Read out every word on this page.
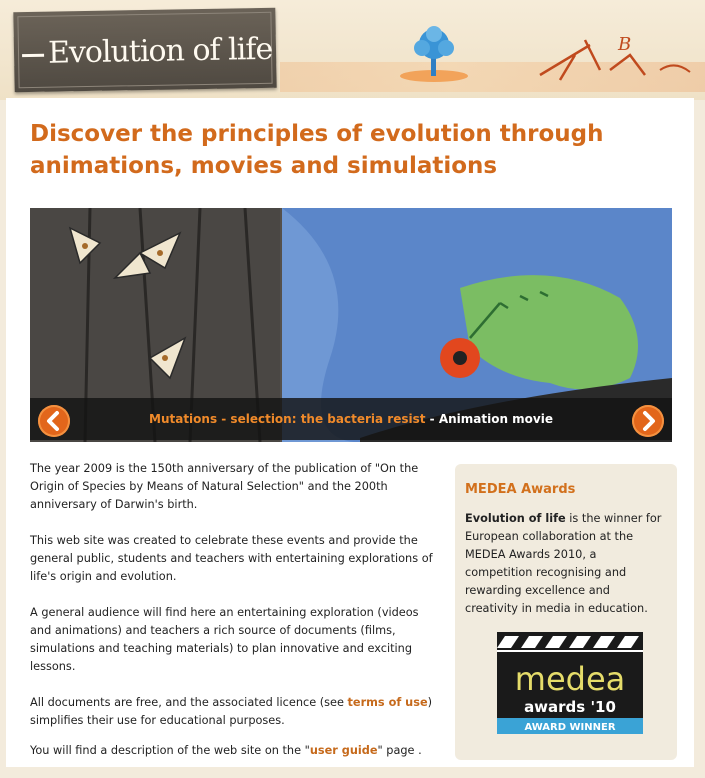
Evolution of life	B
Discover the principles of evolution through animations, movies and simulations
Mutations - selection: the bacteria resist - Animation movie

The year 2009 is the 150th anniversary of the publication of "On the Origin of Species by Means of Natural Selection" and the 200th anniversary of Darwin's birth.

This web site was created to celebrate these events and provide the general public, students and teachers with entertaining explorations of life's origin and evolution.

A general audience will find here an entertaining exploration (videos and animations) and teachers a rich source of documents (films, simulations and teaching materials) to plan innovative and exciting lessons.

All documents are free, and the associated licence (see terms of use) simplifies their use for educational purposes.

You will find a description of the web site on the "user guide" page .

MEDEA Awards
Evolution of life is the winner for European collaboration at the MEDEA Awards 2010, a competition recognising and rewarding excellence and creativity in media in education.
medea
awards '10
AWARD WINNER
